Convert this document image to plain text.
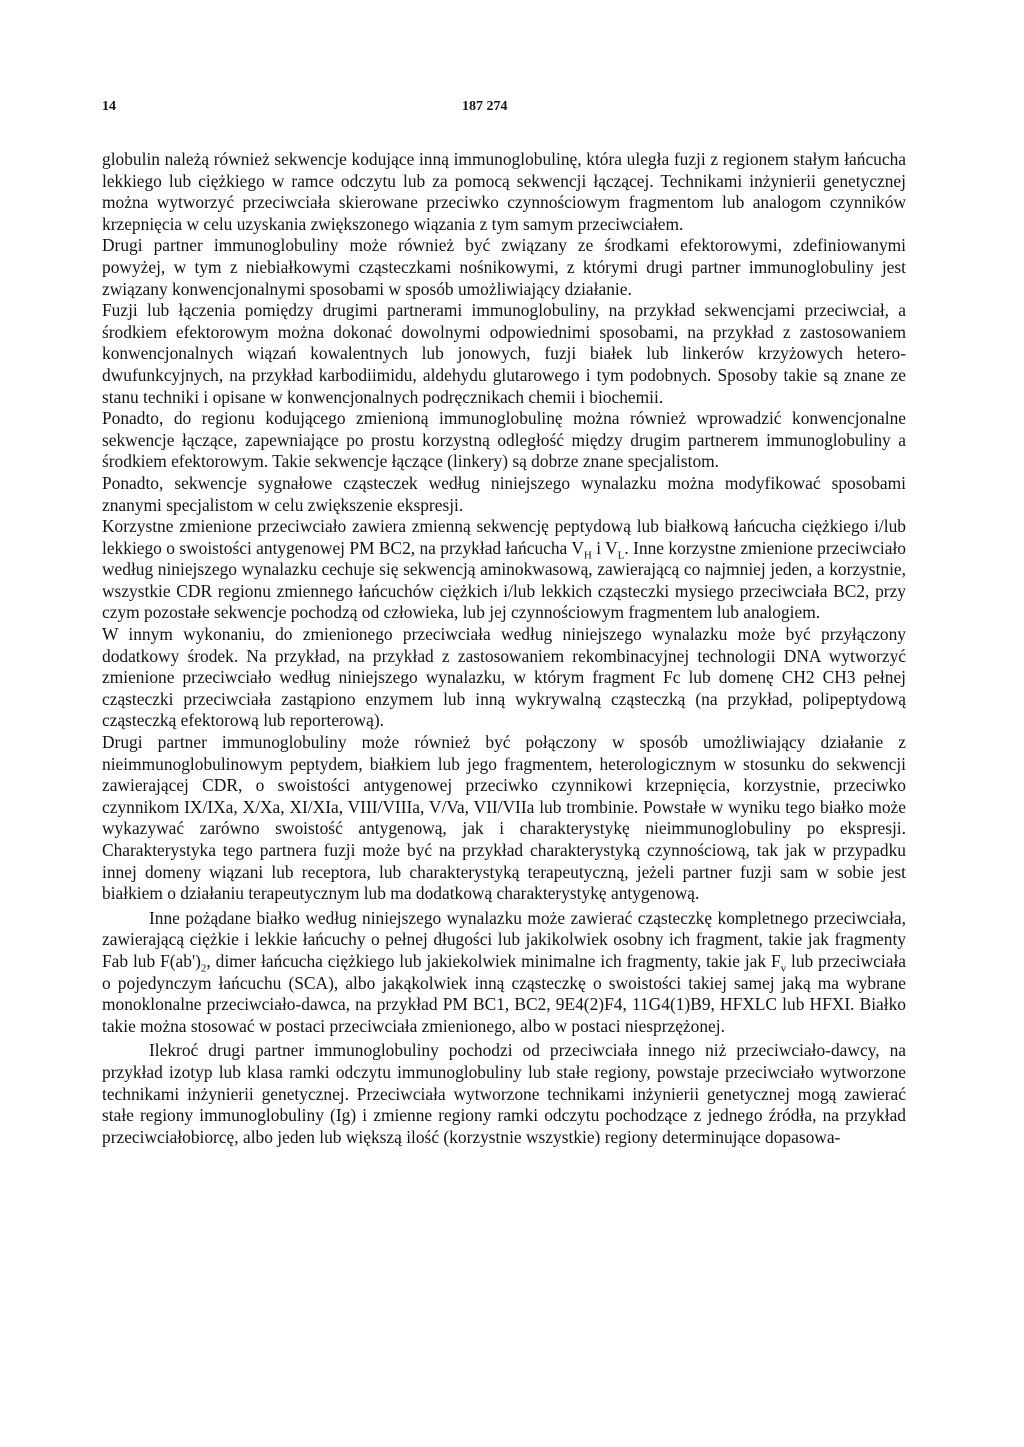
14	187 274

globulin należą również sekwencje kodujące inną immunoglobulinę, która uległa fuzji z regionem stałym łańcucha lekkiego lub ciężkiego w ramce odczytu lub za pomocą sekwencji łączącej. Technikami inżynierii genetycznej można wytworzyć przeciwciała skierowane przeciwko czynnościowym fragmentom lub analogom czynników krzepnięcia w celu uzyskania zwiększonego wiązania z tym samym przeciwciałem.

Drugi partner immunoglobuliny może również być związany ze środkami efektorowymi, zdefiniowanymi powyżej, w tym z niebiałkowymi cząsteczkami nośnikowymi, z którymi drugi partner immunoglobuliny jest związany konwencjonalnymi sposobami w sposób umożliwiający działanie.

Fuzji lub łączenia pomiędzy drugimi partnerami immunoglobuliny, na przykład sekwencjami przeciwciał, a środkiem efektorowym można dokonać dowolnymi odpowiednimi sposobami, na przykład z zastosowaniem konwencjonalnych wiązań kowalentnych lub jonowych, fuzji białek lub linkerów krzyżowych hetero-dwufunkcyjnych, na przykład karbodiimidu, aldehydu glutarowego i tym podobnych. Sposoby takie są znane ze stanu techniki i opisane w konwencjonalnych podręcznikach chemii i biochemii.

Ponadto, do regionu kodującego zmienioną immunoglobulinę można również wprowadzić konwencjonalne sekwencje łączące, zapewniające po prostu korzystną odległość między drugim partnerem immunoglobuliny a środkiem efektorowym. Takie sekwencje łączące (linkery) są dobrze znane specjalistom.

Ponadto, sekwencje sygnałowe cząsteczek według niniejszego wynalazku można modyfikować sposobami znanymi specjalistom w celu zwiększenie ekspresji.

Korzystne zmienione przeciwciało zawiera zmienną sekwencję peptydową lub białkową łańcucha ciężkiego i/lub lekkiego o swoistości antygenowej PM BC2, na przykład łańcucha $V_H$ i $V_L$. Inne korzystne zmienione przeciwciało według niniejszego wynalazku cechuje się sekwencją aminokwasową, zawierającą co najmniej jeden, a korzystnie, wszystkie CDR regionu zmiennego łańcuchów ciężkich i/lub lekkich cząsteczki mysiego przeciwciała BC2, przy czym pozostałe sekwencje pochodzą od człowieka, lub jej czynnościowym fragmentem lub analogiem.

W innym wykonaniu, do zmienionego przeciwciała według niniejszego wynalazku może być przyłączony dodatkowy środek. Na przykład, na przykład z zastosowaniem rekombinacyjnej technologii DNA wytworzyć zmienione przeciwciało według niniejszego wynalazku, w którym fragment Fc lub domenę CH2 CH3 pełnej cząsteczki przeciwciała zastąpiono enzymem lub inną wykrywalną cząsteczką (na przykład, polipeptydową cząsteczką efektorową lub reporterową).

Drugi partner immunoglobuliny może również być połączony w sposób umożliwiający działanie z nieimmunoglobulinowym peptydem, białkiem lub jego fragmentem, heterologicznym w stosunku do sekwencji zawierającej CDR, o swoistości antygenowej przeciwko czynnikowi krzepnięcia, korzystnie, przeciwko czynnikom IX/IXa, X/Xa, XI/XIa, VIII/VIIIa, V/Va, VII/VIIa lub trombinie. Powstałe w wyniku tego białko może wykazywać zarówno swoistość antygenową, jak i charakterystykę nieimmunoglobuliny po ekspresji. Charakterystyka tego partnera fuzji może być na przykład charakterystyką czynnościową, tak jak w przypadku innej domeny wiązani lub receptora, lub charakterystyką terapeutyczną, jeżeli partner fuzji sam w sobie jest białkiem o działaniu terapeutycznym lub ma dodatkową charakterystykę antygenową.

Inne pożądane białko według niniejszego wynalazku może zawierać cząsteczkę kompletnego przeciwciała, zawierającą ciężkie i lekkie łańcuchy o pełnej długości lub jakikolwiek osobny ich fragment, takie jak fragmenty Fab lub $F(ab')_2$, dimer łańcucha ciężkiego lub jakiekolwiek minimalne ich fragmenty, takie jak $F_v$ lub przeciwciała o pojedynczym łańcuchu (SCA), albo jakąkolwiek inną cząsteczkę o swoistości takiej samej jaką ma wybrane monoklonalne przeciwciało-dawca, na przykład PM BC1, BC2, 9E4(2)F4, 11G4(1)B9, HFXLC lub HFXI. Białko takie można stosować w postaci przeciwciała zmienionego, albo w postaci niesprzężonej.

Ilekroć drugi partner immunoglobuliny pochodzi od przeciwciała innego niż przeciwciało-dawcy, na przykład izotyp lub klasa ramki odczytu immunoglobuliny lub stałe regiony, powstaje przeciwciało wytworzone technikami inżynierii genetycznej. Przeciwciała wytworzone technikami inżynierii genetycznej mogą zawierać stałe regiony immunoglobuliny (Ig) i zmienne regiony ramki odczytu pochodzące z jednego źródła, na przykład przeciwciałobiorcę, albo jeden lub większą ilość (korzystnie wszystkie) regiony determinujące dopasowa-
